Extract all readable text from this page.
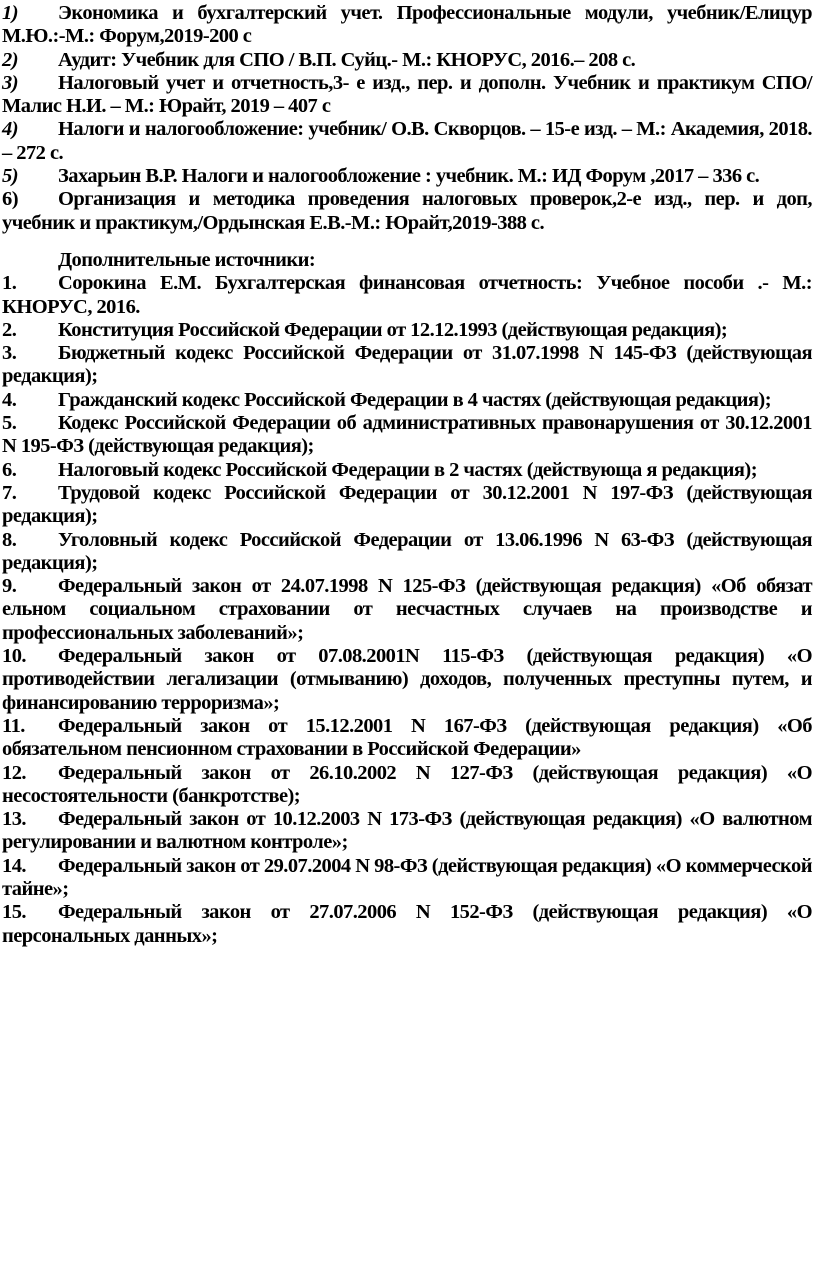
1) Экономика и бухгалтерский учет. Профессиональные модули, учебник/Елицур М.Ю.:-М.: Форум,2019-200 с

2) Аудит: Учебник для СПО / В.П. Суйц.- М.: КНОРУС, 2016.– 208 с.

3) Налоговый учет и отчетность,3- е изд., пер. и дополн. Учебник и практикум СПО/ Малис Н.И. – М.: Юрайт, 2019 – 407 с

4) Налоги и налогообложение: учебник/ О.В. Скворцов. – 15-е изд. – М.: Академия, 2018. – 272 с.

5) Захарьин В.Р. Налоги и налогообложение : учебник. М.: ИД Форум ,2017 – 336 с.

6) Организация и методика проведения налоговых проверок,2-е изд., пер. и доп, учебник и практикум,/Ордынская Е.В.-М.: Юрайт,2019-388 с.

Дополнительные источники:

1. Сорокина Е.М. Бухгалтерская финансовая отчетность: Учебное пособи .- М.: КНОРУС, 2016.

2. Конституция Российской Федерации от 12.12.1993 (действующая редакция);

3. Бюджетный кодекс Российской Федерации от 31.07.1998 N 145-ФЗ (действующая редакция);

4. Гражданский кодекс Российской Федерации в 4 частях (действующая редакция);

5. Кодекс Российской Федерации об административных правонарушения от 30.12.2001 N 195-ФЗ (действующая редакция);

6. Налоговый кодекс Российской Федерации в 2 частях (действующа я редакция);

7. Трудовой кодекс Российской Федерации от 30.12.2001 N 197-ФЗ (действующая редакция);

8. Уголовный кодекс Российской Федерации от 13.06.1996 N 63-ФЗ (действующая редакция);

9. Федеральный закон от 24.07.1998 N 125-ФЗ (действующая редакция) «Об обязат ельном социальном страховании от несчастных случаев на производстве и профессиональных заболеваний»;

10. Федеральный закон от 07.08.2001N 115-ФЗ (действующая редакция) «О противодействии легализации (отмыванию) доходов, полученных преступны путем, и финансированию терроризма»;

11. Федеральный закон от 15.12.2001 N 167-ФЗ (действующая редакция) «Об обязательном пенсионном страховании в Российской Федерации»

12. Федеральный закон от 26.10.2002 N 127-ФЗ (действующая редакция) «О несостоятельности (банкротстве);

13. Федеральный закон от 10.12.2003 N 173-ФЗ (действующая редакция) «О валютном регулировании и валютном контроле»;

14. Федеральный закон от 29.07.2004 N 98-ФЗ (действующая редакция) «О коммерческой тайне»;

15. Федеральный закон от 27.07.2006 N 152-ФЗ (действующая редакция) «О персональных данных»;
